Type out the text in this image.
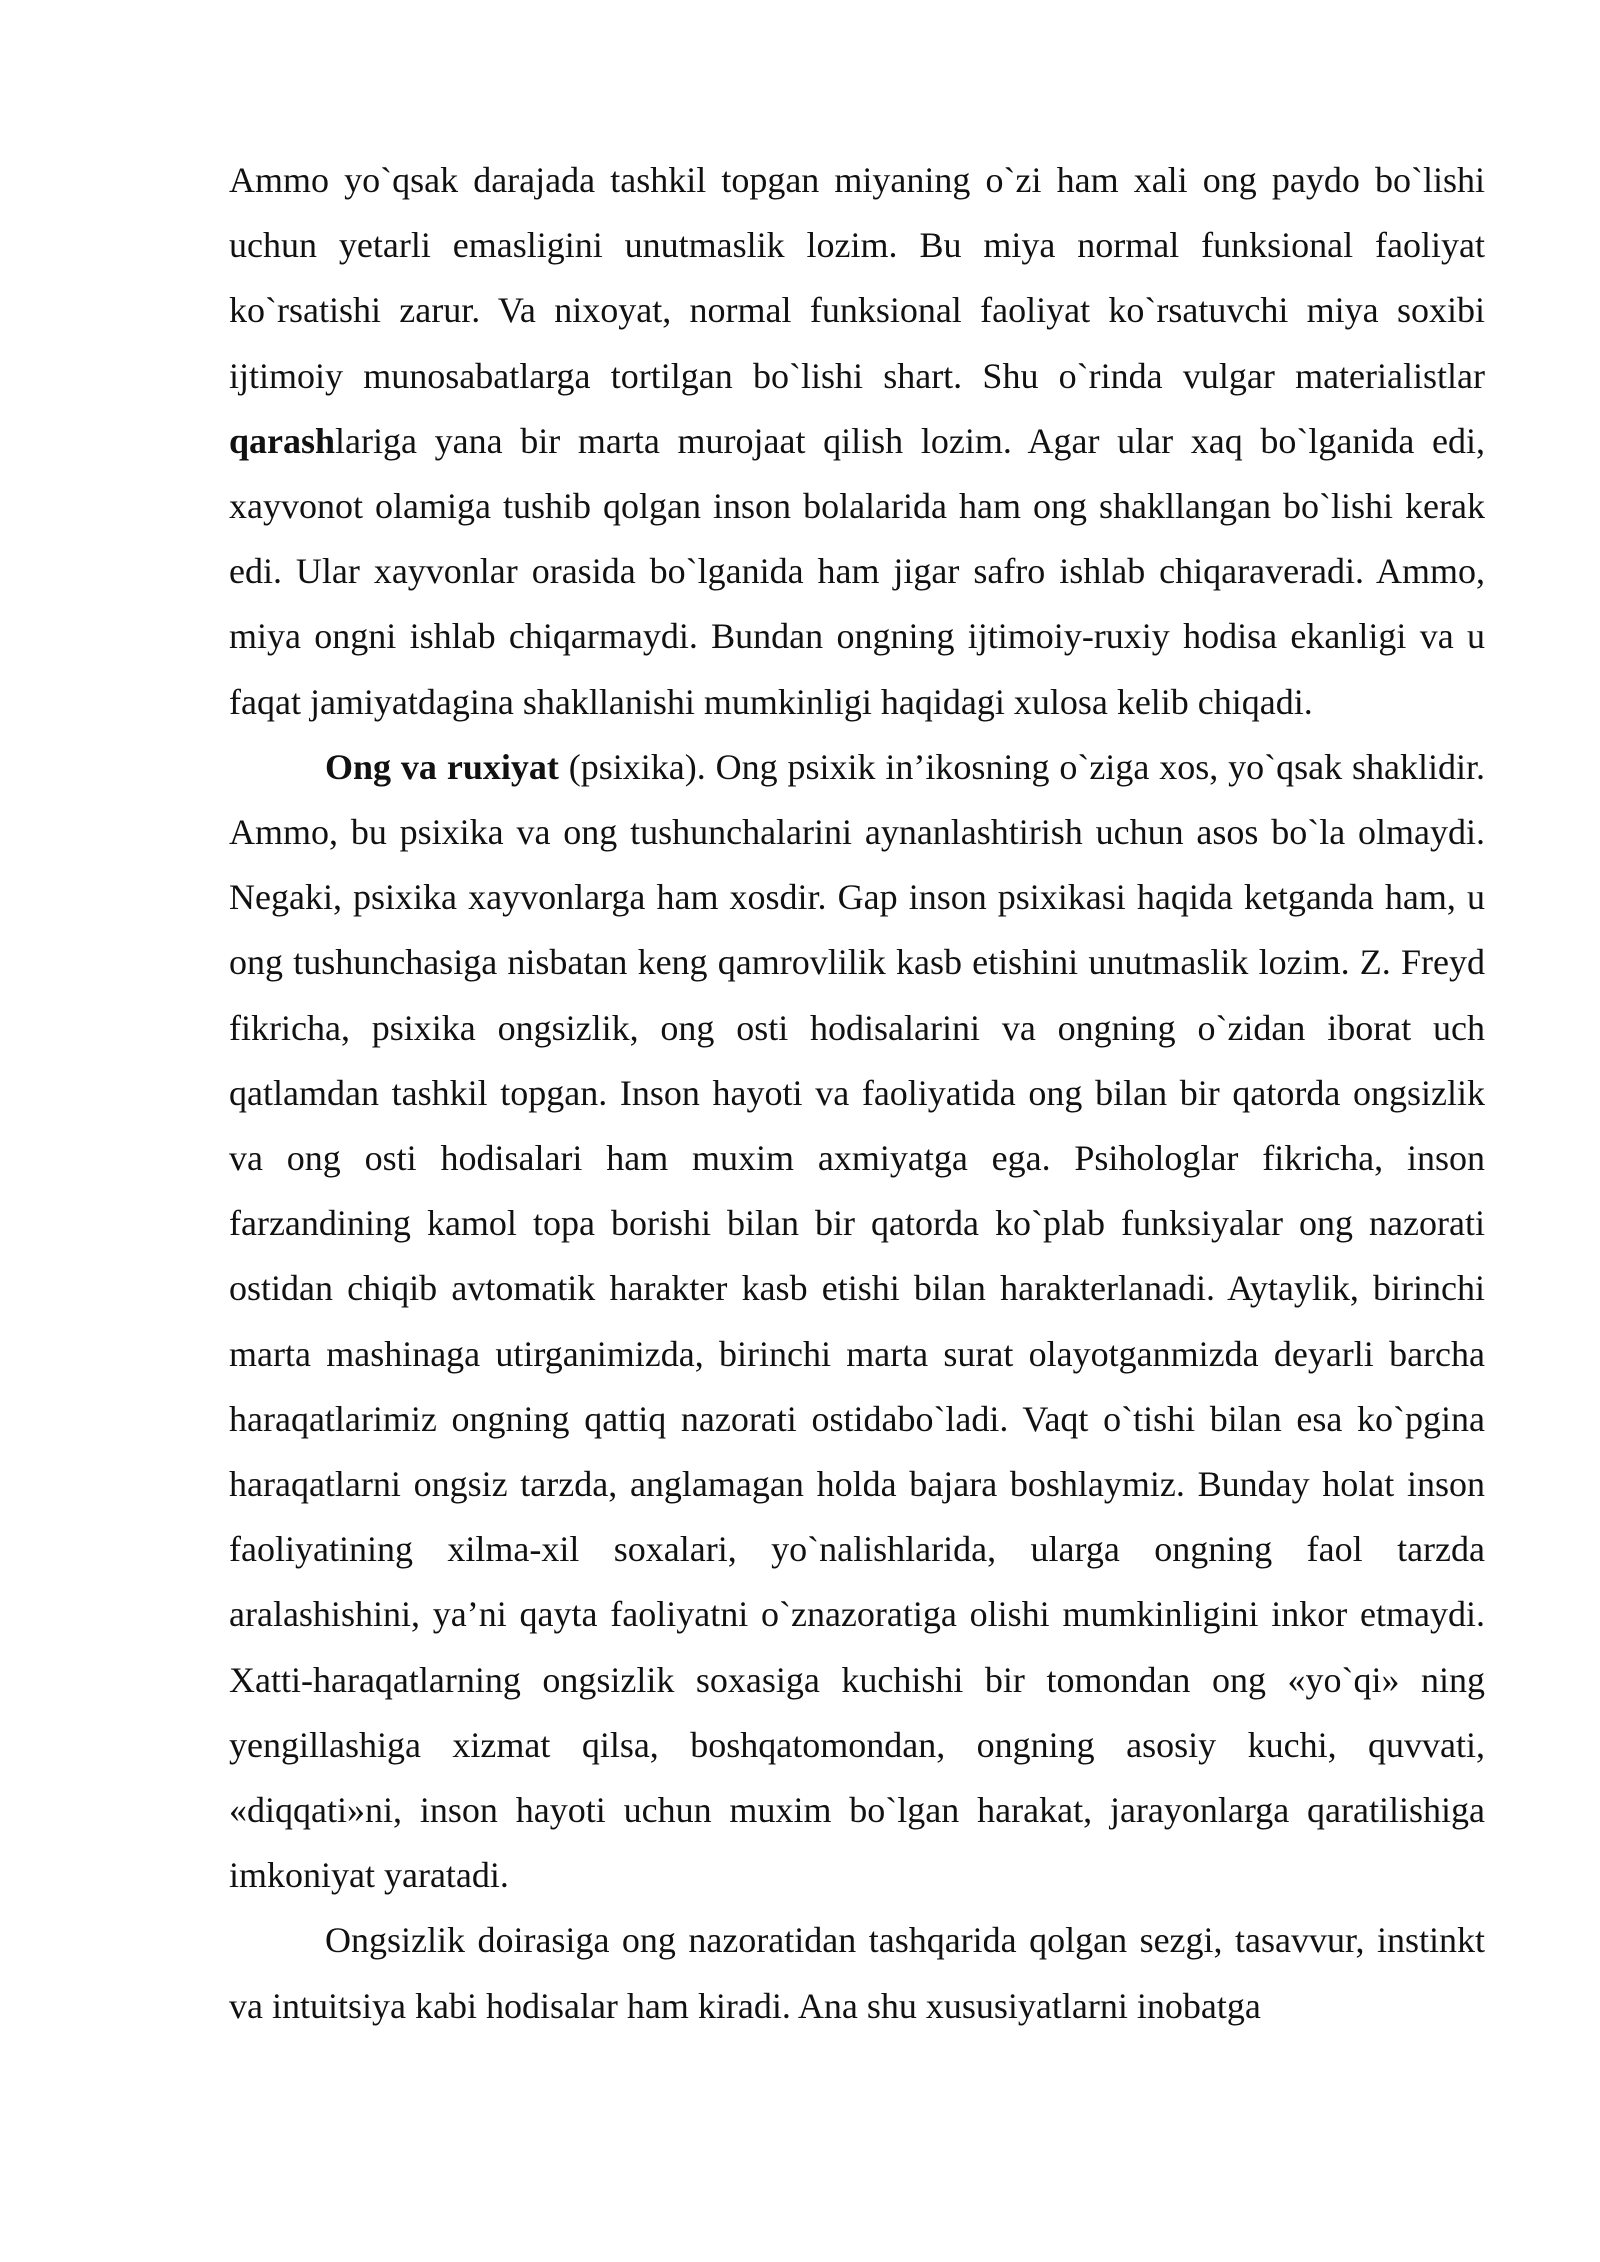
Ammo yo`qsak darajada tashkil topgan miyaning o`zi ham xali ong paydo bo`lishi uchun yetarli emasligini unutmaslik lozim. Bu miya normal funksional faoliyat ko`rsatishi zarur. Va nixoyat, normal funksional faoliyat ko`rsatuvchi miya soxibi ijtimoiy munosabatlarga tortilgan bo`lishi shart. Shu o`rinda vulgar materialistlar qarashlariga yana bir marta murojaat qilish lozim. Agar ular xaq bo`lganida edi, xayvonot olamiga tushib qolgan inson bolalarida ham ong shakllangan bo`lishi kerak edi. Ular xayvonlar orasida bo`lganida ham jigar safro ishlab chiqaraveradi. Ammo, miya ongni ishlab chiqarmaydi. Bundan ongning ijtimoiy-ruxiy hodisa ekanligi va u faqat jamiyatdagina shakllanishi mumkinligi haqidagi xulosa kelib chiqadi.

Ong va ruxiyat (psixika). Ong psixik in’ikosning o`ziga xos, yo`qsak shaklidir. Ammo, bu psixika va ong tushunchalarini aynanlashtirish uchun asos bo`la olmaydi. Negaki, psixika xayvonlarga ham xosdir. Gap inson psixikasi haqida ketganda ham, u ong tushunchasiga nisbatan keng qamrovlilik kasb etishini unutmaslik lozim. Z. Freyd fikricha, psixika ongsizlik, ong osti hodisalarini va ongning o`zidan iborat uch qatlamdan tashkil topgan. Inson hayoti va faoliyatida ong bilan bir qatorda ongsizlik va ong osti hodisalari ham muxim axmiyatga ega. Psihologlar fikricha, inson farzandining kamol topa borishi bilan bir qatorda ko`plab funksiyalar ong nazorati ostidan chiqib avtomatik harakter kasb etishi bilan harakterlanadi. Aytaylik, birinchi marta mashinaga utirganimizda, birinchi marta surat olayotganmizda deyarli barcha haraqatlarimiz ongning qattiq nazorati ostidabo`ladi. Vaqt o`tishi bilan esa ko`pgina haraqatlarni ongsiz tarzda, anglamagan holda bajara boshlaymiz. Bunday holat inson faoliyatining xilma-xil soxalari, yo`nalishlarida, ularga ongning faol tarzda aralashishini, ya’ni qayta faoliyatni o`znazoratiga olishi mumkinligini inkor etmaydi. Xatti-haraqatlarning ongsizlik soxasiga kuchishi bir tomondan ong «yo`qi» ning yengillashiga xizmat qilsa, boshqatomondan, ongning asosiy kuchi, quvvati, «diqqati»ni, inson hayoti uchun muxim bo`lgan harakat, jarayonlarga qaratilishiga imkoniyat yaratadi.

Ongsizlik doirasiga ong nazoratidan tashqarida qolgan sezgi, tasavvur, instinkt va intuitsiya kabi hodisalar ham kiradi. Ana shu xususiyatlarni inobatga
